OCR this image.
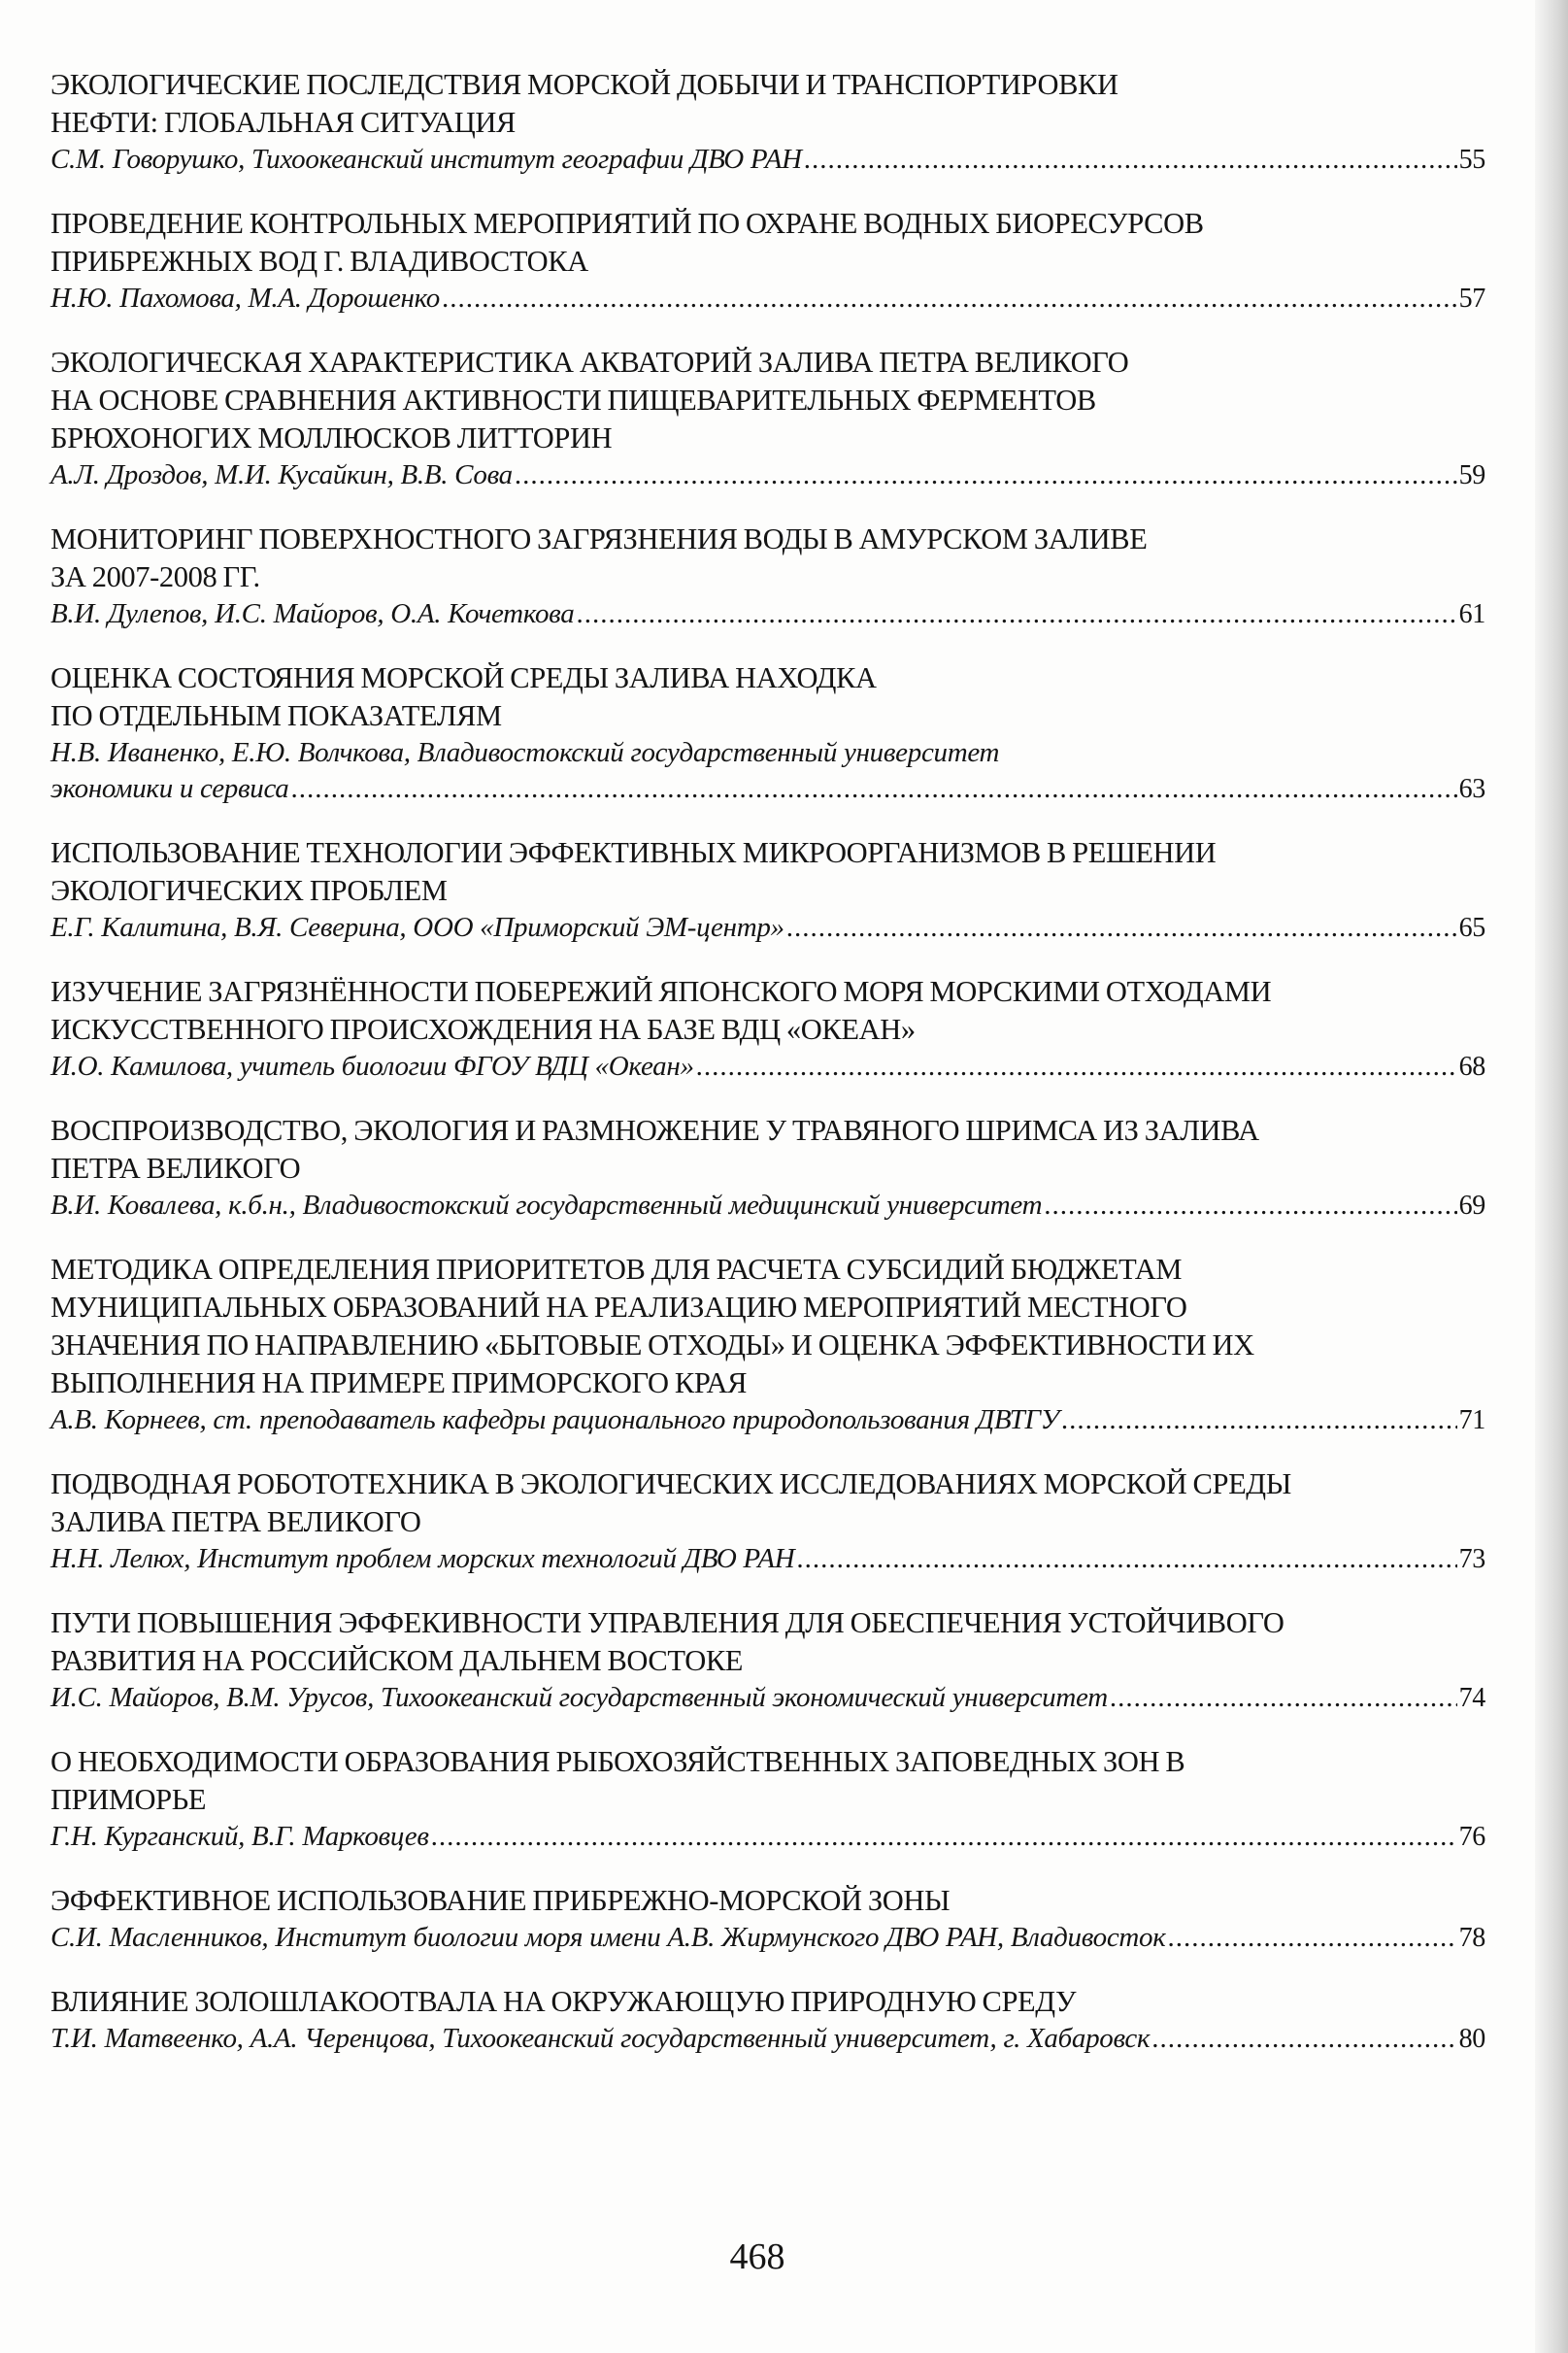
ЭКОЛОГИЧЕСКИЕ ПОСЛЕДСТВИЯ МОРСКОЙ ДОБЫЧИ И ТРАНСПОРТИРОВКИ
НЕФТИ: ГЛОБАЛЬНАЯ СИТУАЦИЯ
С.М. Говорушко, Тихоокеанский институт географии ДВО РАН .....	55
ПРОВЕДЕНИЕ КОНТРОЛЬНЫХ МЕРОПРИЯТИЙ ПО ОХРАНЕ ВОДНЫХ БИОРЕСУРСОВ
ПРИБРЕЖНЫХ ВОД Г. ВЛАДИВОСТОКА
Н.Ю. Пахомова, М.А. Дорошенко .....	57
ЭКОЛОГИЧЕСКАЯ ХАРАКТЕРИСТИКА АКВАТОРИЙ ЗАЛИВА ПЕТРА ВЕЛИКОГО
НА ОСНОВЕ СРАВНЕНИЯ АКТИВНОСТИ ПИЩЕВАРИТЕЛЬНЫХ ФЕРМЕНТОВ
БРЮХОНОГИХ МОЛЛЮСКОВ ЛИТТОРИН
А.Л. Дроздов, М.И. Кусайкин, В.В. Сова .....	59
МОНИТОРИНГ ПОВЕРХНОСТНОГО ЗАГРЯЗНЕНИЯ ВОДЫ В АМУРСКОМ ЗАЛИВЕ
ЗА 2007-2008 ГГ.
В.И. Дулепов, И.С. Майоров, О.А. Кочеткова .....	61
ОЦЕНКА СОСТОЯНИЯ МОРСКОЙ СРЕДЫ ЗАЛИВА НАХОДКА
ПО ОТДЕЛЬНЫМ ПОКАЗАТЕЛЯМ
Н.В. Иваненко, Е.Ю. Волчкова, Владивостокский государственный университет
экономики и сервиса .....	63
ИСПОЛЬЗОВАНИЕ ТЕХНОЛОГИИ ЭФФЕКТИВНЫХ МИКРООРГАНИЗМОВ В РЕШЕНИИ
ЭКОЛОГИЧЕСКИХ ПРОБЛЕМ
Е.Г. Калитина, В.Я. Северина, ООО «Приморский ЭМ-центр» .....	65
ИЗУЧЕНИЕ ЗАГРЯЗНЁННОСТИ ПОБЕРЕЖИЙ ЯПОНСКОГО МОРЯ МОРСКИМИ ОТХОДАМИ
ИСКУССТВЕННОГО ПРОИСХОЖДЕНИЯ НА БАЗЕ ВДЦ «ОКЕАН»
И.О. Камилова, учитель биологии ФГОУ ВДЦ «Океан» .....	68
ВОСПРОИЗВОДСТВО, ЭКОЛОГИЯ И РАЗМНОЖЕНИЕ У ТРАВЯНОГО ШРИМСА ИЗ ЗАЛИВА
ПЕТРА ВЕЛИКОГО
В.И. Ковалева, к.б.н., Владивостокский государственный медицинский университет .....	69
МЕТОДИКА ОПРЕДЕЛЕНИЯ ПРИОРИТЕТОВ ДЛЯ РАСЧЕТА СУБСИДИЙ БЮДЖЕТАМ
МУНИЦИПАЛЬНЫХ ОБРАЗОВАНИЙ НА РЕАЛИЗАЦИЮ МЕРОПРИЯТИЙ МЕСТНОГО
ЗНАЧЕНИЯ ПО НАПРАВЛЕНИЮ «БЫТОВЫЕ ОТХОДЫ» И ОЦЕНКА ЭФФЕКТИВНОСТИ ИХ
ВЫПОЛНЕНИЯ НА ПРИМЕРЕ ПРИМОРСКОГО КРАЯ
А.В. Корнеев, ст. преподаватель кафедры рационального природопользования ДВТГУ .....	71
ПОДВОДНАЯ РОБОТОТЕХНИКА В ЭКОЛОГИЧЕСКИХ ИССЛЕДОВАНИЯХ МОРСКОЙ СРЕДЫ
ЗАЛИВА ПЕТРА ВЕЛИКОГО
Н.Н. Лелюх, Институт проблем морских технологий ДВО РАН .....	73
ПУТИ ПОВЫШЕНИЯ ЭФФЕКИВНОСТИ УПРАВЛЕНИЯ ДЛЯ ОБЕСПЕЧЕНИЯ УСТОЙЧИВОГО
РАЗВИТИЯ НА РОССИЙСКОМ ДАЛЬНЕМ ВОСТОКЕ
И.С. Майоров, В.М. Урусов, Тихоокеанский государственный экономический университет .....	74
О НЕОБХОДИМОСТИ ОБРАЗОВАНИЯ РЫБОХОЗЯЙСТВЕННЫХ ЗАПОВЕДНЫХ ЗОН В
ПРИМОРЬЕ
Г.Н. Курганский, В.Г. Марковцев .....	76
ЭФФЕКТИВНОЕ ИСПОЛЬЗОВАНИЕ ПРИБРЕЖНО-МОРСКОЙ ЗОНЫ
С.И. Масленников, Институт биологии моря имени А.В. Жирмунского ДВО РАН, Владивосток .....	78
ВЛИЯНИЕ ЗОЛОШЛАКООТВАЛА НА ОКРУЖАЮЩУЮ ПРИРОДНУЮ СРЕДУ
Т.И. Матвеенко, А.А. Черенцова, Тихоокеанский государственный университет, г. Хабаровск .....	80
468
